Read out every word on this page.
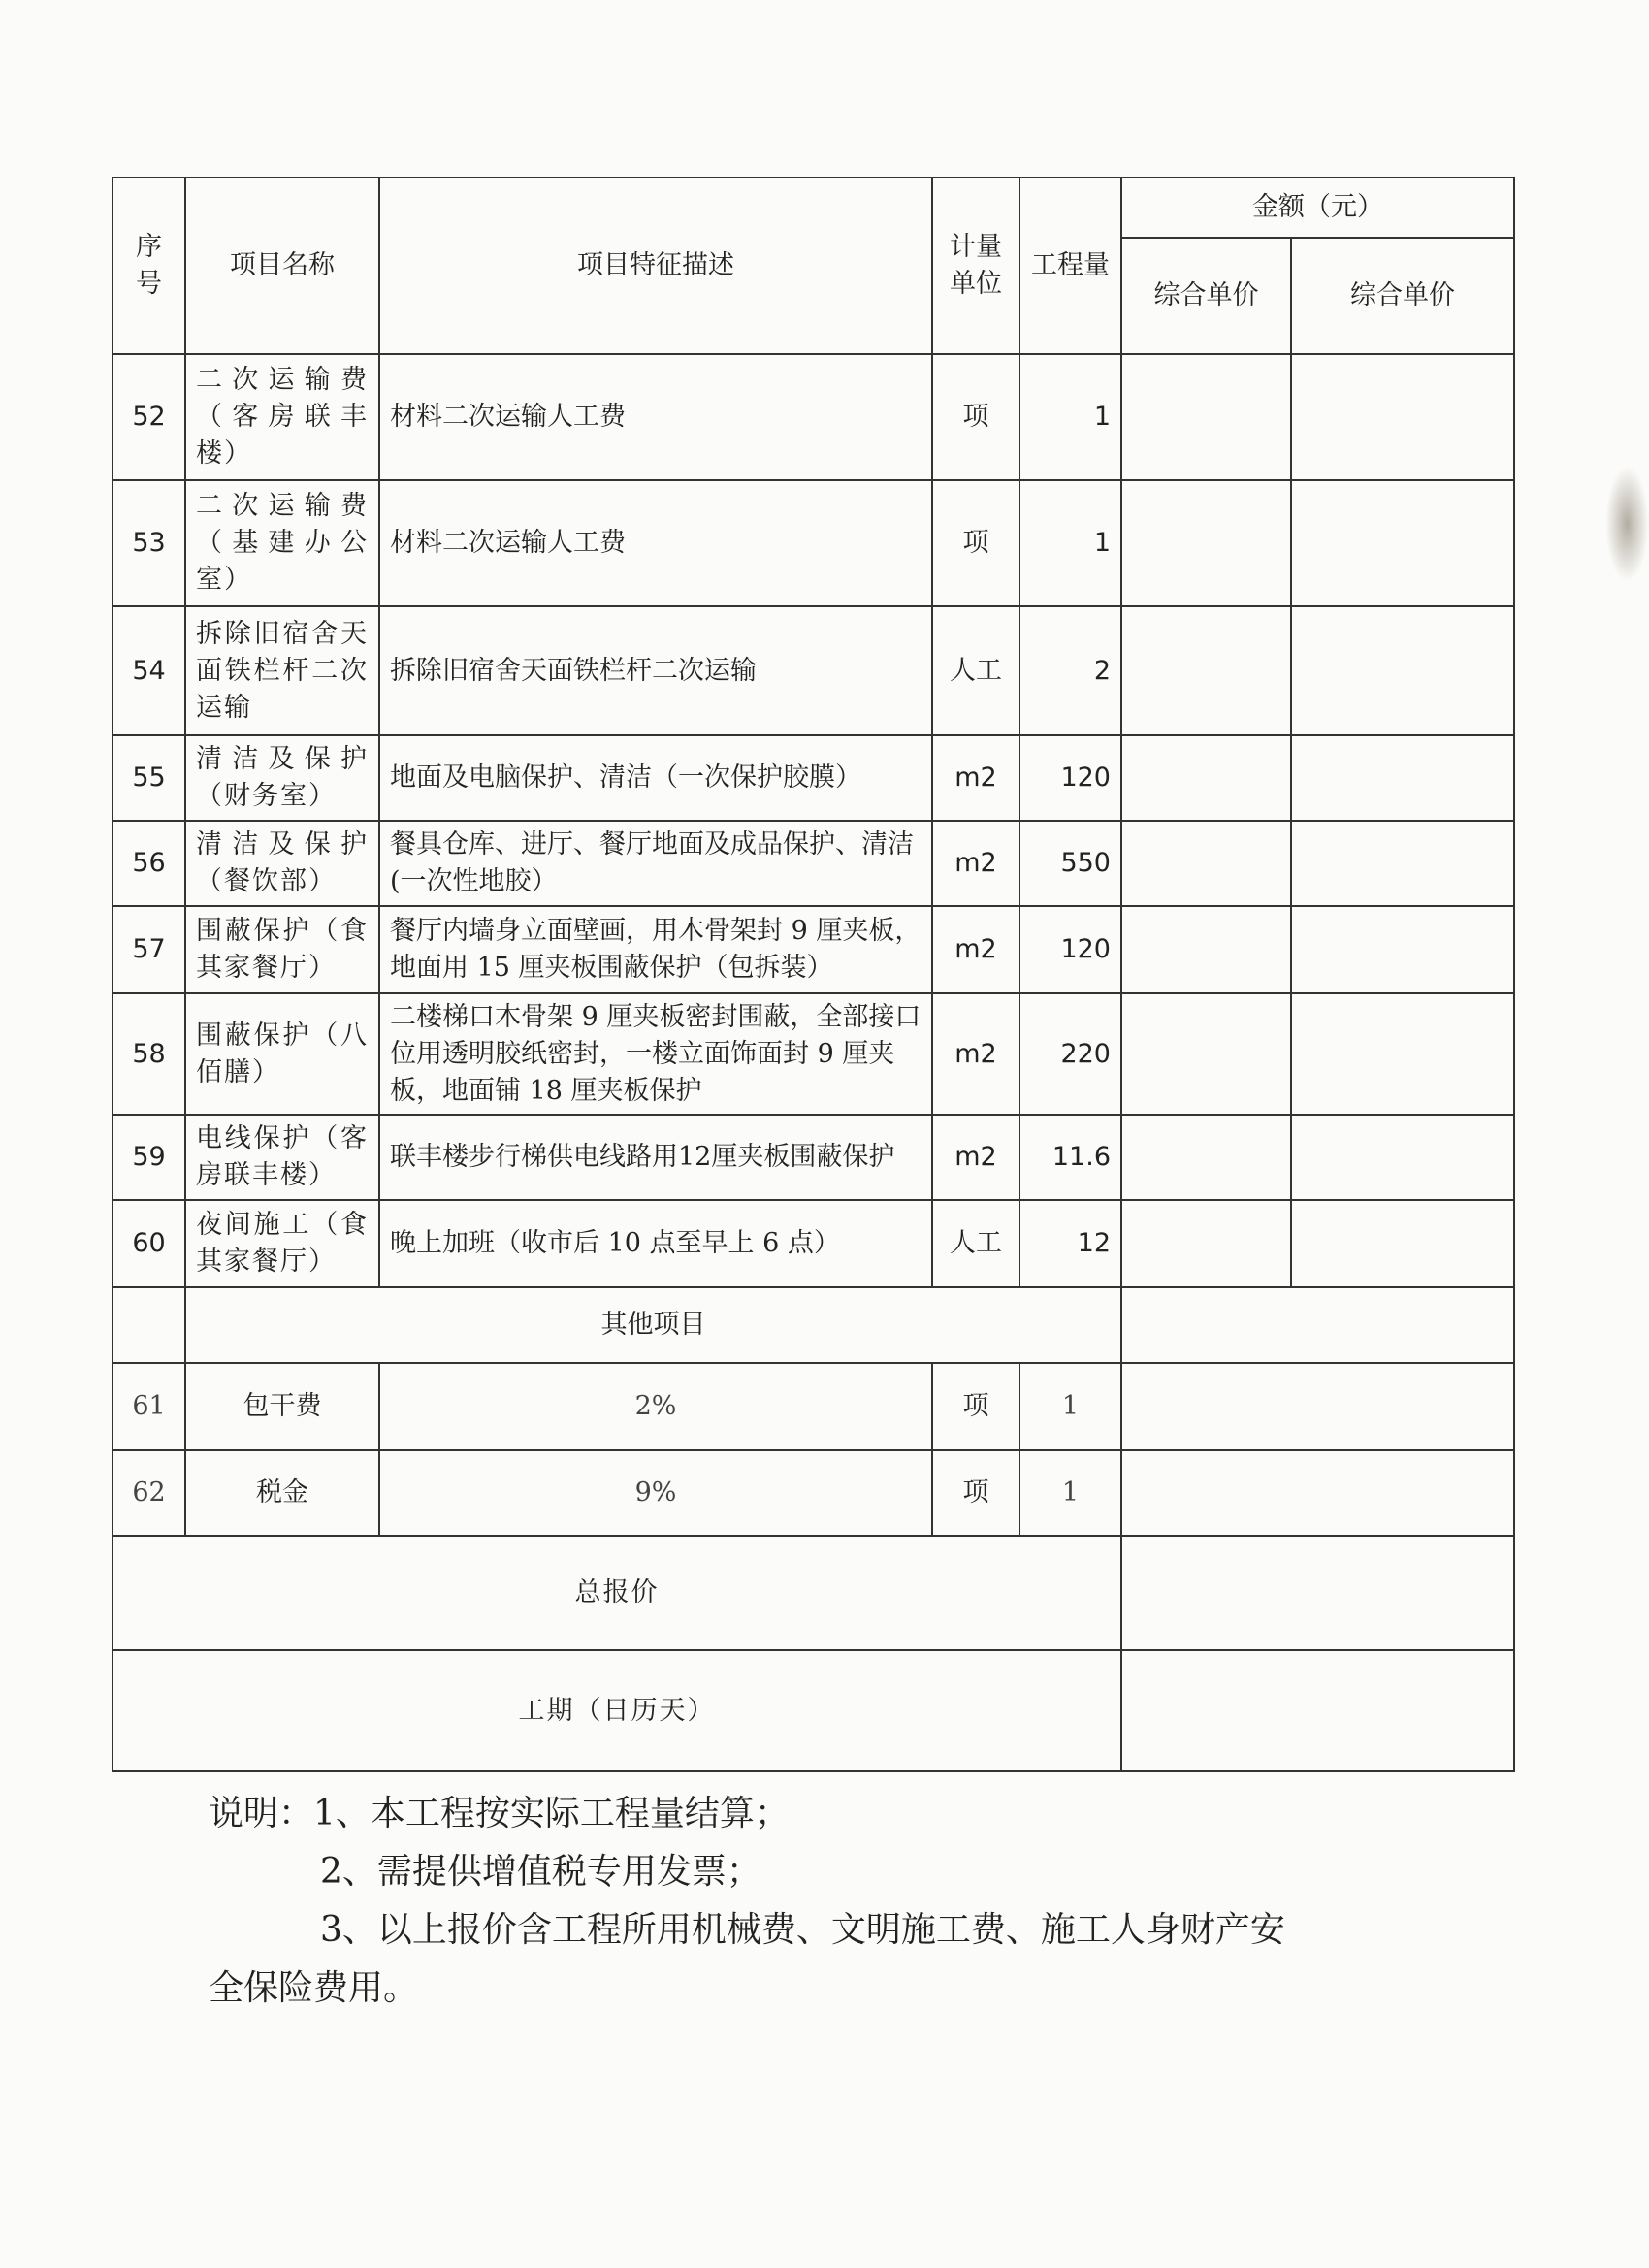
序号	项目名称	项目特征描述	计量单位	工程量	金额（元）	
					综合单价	综合单价
52	二次运输费（客房联丰楼）	材料二次运输人工费	项	1		
53	二次运输费（基建办公室）	材料二次运输人工费	项	1		
54	拆除旧宿舍天面铁栏杆二次运输	拆除旧宿舍天面铁栏杆二次运输	人工	2		
55	清洁及保护（财务室）	地面及电脑保护、清洁（一次保护胶膜）	m2	120		
56	清洁及保护（餐饮部）	餐具仓库、进厅、餐厅地面及成品保护、清洁(一次性地胶）	m2	550		
57	围蔽保护（食其家餐厅）	餐厅内墙身立面壁画，用木骨架封 9 厘夹板，地面用 15 厘夹板围蔽保护（包拆装）	m2	120		
58	围蔽保护（八佰膳）	二楼梯口木骨架 9 厘夹板密封围蔽，全部接口位用透明胶纸密封，一楼立面饰面封 9 厘夹板，地面铺 18 厘夹板保护	m2	220		
59	电线保护（客房联丰楼）	联丰楼步行梯供电线路用12厘夹板围蔽保护	m2	11.6		
60	夜间施工（食其家餐厅）	晚上加班（收市后 10 点至早上 6 点）	人工	12		
	其他项目					
61	包干费	2%	项	1		
62	税金	9%	项	1		
总报价						
工期（日历天）						

说明：1、本工程按实际工程量结算；

2、需提供增值税专用发票；

3、以上报价含工程所用机械费、文明施工费、施工人身财产安

全保险费用。
